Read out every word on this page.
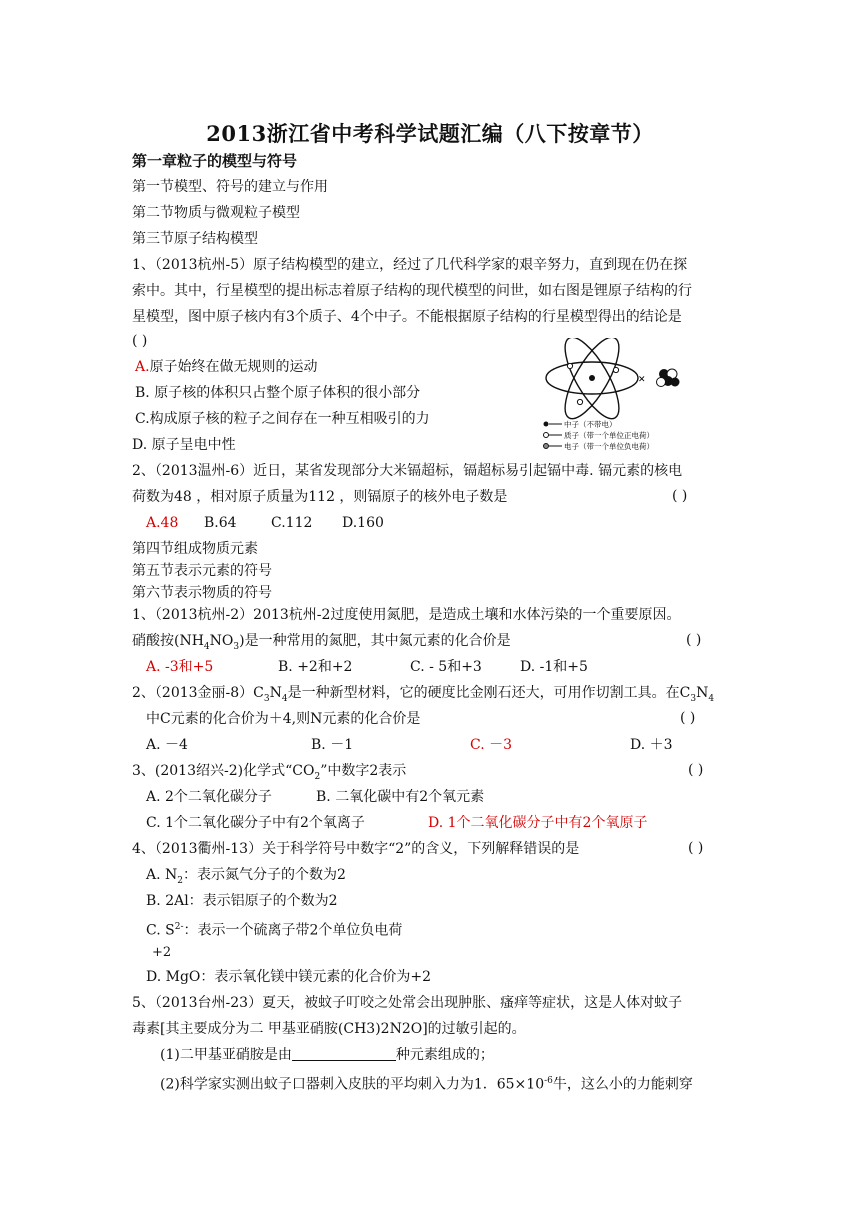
2013浙江省中考科学试题汇编（八下按章节）
第一章粒子的模型与符号
第一节模型、符号的建立与作用
第二节物质与微观粒子模型
第三节原子结构模型
1、（2013杭州-5）原子结构模型的建立，经过了几代科学家的艰辛努力，直到现在仍在探
索中。其中，行星模型的提出标志着原子结构的现代模型的问世，如右图是锂原子结构的行
星模型，图中原子核内有3个质子、4个中子。不能根据原子结构的行星模型得出的结论是
( )
A.原子始终在做无规则的运动
B. 原子核的体积只占整个原子体积的很小部分
C.构成原子核的粒子之间存在一种互相吸引的力
D. 原子呈电中性
✕
中子（不带电）
质子（带一个单位正电荷）
电子（带一个单位负电荷）
2、（2013温州-6）近日，某省发现部分大米镉超标，镉超标易引起镉中毒. 镉元素的核电
荷数为48 ，相对原子质量为112 ，则镉原子的核外电子数是	( )
A.48 B.64 C.112 D.160
第四节组成物质元素
第五节表示元素的符号
第六节表示物质的符号
1、（2013杭州-2）2013杭州-2过度使用氮肥，是造成土壤和水体污染的一个重要原因。
硝酸按$(NH_4NO_3)$是一种常用的氮肥，其中氮元素的化合价是	( )
A. -3和+5	B. +2和+2	C. - 5和+3	D. -1和+5
2、（2013金丽$-8)C_3N_4$是一种新型材料，它的硬度比金刚石还大，可用作切割工具。在$C_3N_4$
中C元素的化合价为＋4,则N元素的化合价是	( )
A. －4	B. －1	C. －3	D. ＋3
3、(2013绍兴-2)化学式“$CO_2$”中数字2表示	( )
A. 2个二氧化碳分子	B. 二氧化碳中有2个氧元素
C. 1个二氧化碳分子中有2个氧离子	D. 1个二氧化碳分子中有2个氧原子
4、（2013衢州-13）关于科学符号中数字“2”的含义，下列解释错误的是	( )
A. $N_2$：表示氮气分子的个数为2
B. 2Al：表示铝原子的个数为2
C. $S^{2-}$：表示一个硫离子带2个单位负电荷
+2
D. MgO：表示氧化镁中镁元素的化合价为+2
5、（2013台州-23）夏天，被蚊子叮咬之处常会出现肿胀、瘙痒等症状，这是人体对蚊子
毒素[其主要成分为二 甲基亚硝胺(CH3)2N2O]的过敏引起的。
(1)二甲基亚硝胺是由	种元素组成的；
(2)科学家实测出蚊子口器刺入皮肤的平均刺入力为1．$65\times 10^{-6}$牛，这么小的力能刺穿
